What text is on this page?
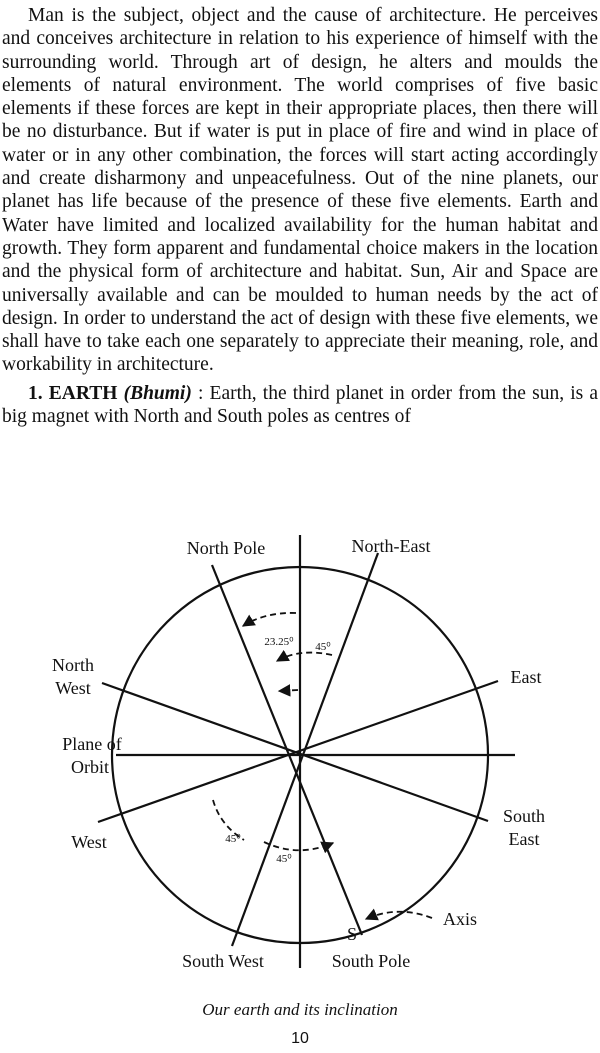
Man is the subject, object and the cause of architecture. He perceives and conceives architecture in relation to his experience of himself with the surrounding world. Through art of design, he alters and moulds the elements of natural environment. The world comprises of five basic elements if these forces are kept in their appropriate places, then there will be no disturbance. But if water is put in place of fire and wind in place of water or in any other combination, the forces will start acting accordingly and create disharmony and unpeacefulness. Out of the nine planets, our planet has life because of the presence of these five elements. Earth and Water have limited and localized availability for the human habitat and growth. They form apparent and fundamental choice makers in the location and the physical form of architecture and habitat. Sun, Air and Space are universally available and can be moulded to human needs by the act of design. In order to understand the act of design with these five elements, we shall have to take each one separately to appreciate their meaning, role, and workability in architecture.

1. EARTH (Bhumi) : Earth, the third planet in order from the sun, is a big magnet with North and South poles as centres of

North Pole	North-East
North
West
East
Plane of
Orbit
West
South
East
South West	South Pole
S
Axis
23.25⁰ 45⁰
45⁰
45⁰
Our earth and its inclination
10
